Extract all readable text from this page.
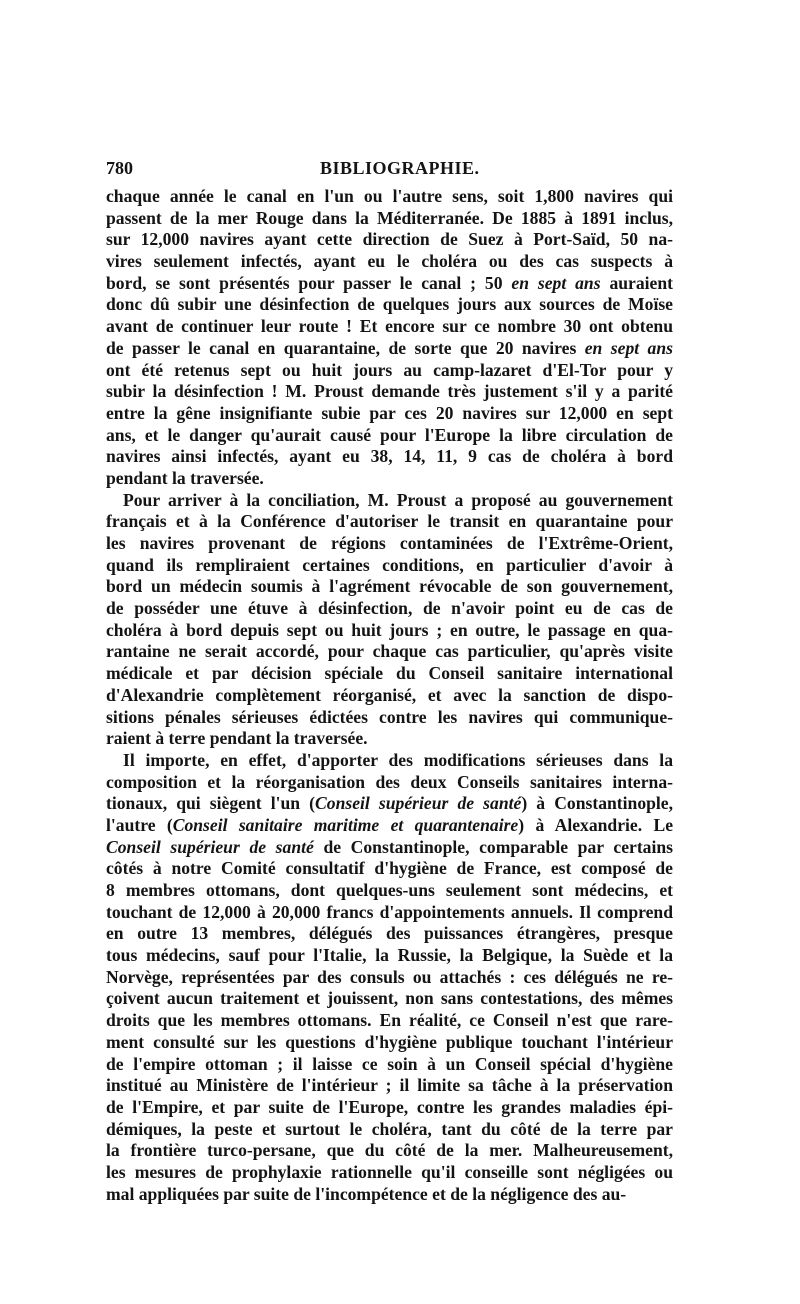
780	BIBLIOGRAPHIE.
chaque année le canal en l'un ou l'autre sens, soit 1,800 navires qui
passent de la mer Rouge dans la Méditerranée. De 1885 à 1891 inclus,
sur 12,000 navires ayant cette direction de Suez à Port-Saïd, 50 na-
vires seulement infectés, ayant eu le choléra ou des cas suspects à
bord, se sont présentés pour passer le canal ; 50 en sept ans auraient
donc dû subir une désinfection de quelques jours aux sources de Moïse
avant de continuer leur route ! Et encore sur ce nombre 30 ont obtenu
de passer le canal en quarantaine, de sorte que 20 navires en sept ans
ont été retenus sept ou huit jours au camp-lazaret d'El-Tor pour y
subir la désinfection ! M. Proust demande très justement s'il y a parité
entre la gêne insignifiante subie par ces 20 navires sur 12,000 en sept
ans, et le danger qu'aurait causé pour l'Europe la libre circulation de
navires ainsi infectés, ayant eu 38, 14, 11, 9 cas de choléra à bord
pendant la traversée.
Pour arriver à la conciliation, M. Proust a proposé au gouvernement
français et à la Conférence d'autoriser le transit en quarantaine pour
les navires provenant de régions contaminées de l'Extrême-Orient,
quand ils rempliraient certaines conditions, en particulier d'avoir à
bord un médecin soumis à l'agrément révocable de son gouvernement,
de posséder une étuve à désinfection, de n'avoir point eu de cas de
choléra à bord depuis sept ou huit jours ; en outre, le passage en qua-
rantaine ne serait accordé, pour chaque cas particulier, qu'après visite
médicale et par décision spéciale du Conseil sanitaire international
d'Alexandrie complètement réorganisé, et avec la sanction de dispo-
sitions pénales sérieuses édictées contre les navires qui communique-
raient à terre pendant la traversée.
Il importe, en effet, d'apporter des modifications sérieuses dans la
composition et la réorganisation des deux Conseils sanitaires interna-
tionaux, qui siègent l'un (Conseil supérieur de santé) à Constantinople,
l'autre (Conseil sanitaire maritime et quarantenaire) à Alexandrie. Le
Conseil supérieur de santé de Constantinople, comparable par certains
côtés à notre Comité consultatif d'hygiène de France, est composé de
8 membres ottomans, dont quelques-uns seulement sont médecins, et
touchant de 12,000 à 20,000 francs d'appointements annuels. Il comprend
en outre 13 membres, délégués des puissances étrangères, presque
tous médecins, sauf pour l'Italie, la Russie, la Belgique, la Suède et la
Norvège, représentées par des consuls ou attachés : ces délégués ne re-
çoivent aucun traitement et jouissent, non sans contestations, des mêmes
droits que les membres ottomans. En réalité, ce Conseil n'est que rare-
ment consulté sur les questions d'hygiène publique touchant l'intérieur
de l'empire ottoman ; il laisse ce soin à un Conseil spécial d'hygiène
institué au Ministère de l'intérieur ; il limite sa tâche à la préservation
de l'Empire, et par suite de l'Europe, contre les grandes maladies épi-
démiques, la peste et surtout le choléra, tant du côté de la terre par
la frontière turco-persane, que du côté de la mer. Malheureusement,
les mesures de prophylaxie rationnelle qu'il conseille sont négligées ou
mal appliquées par suite de l'incompétence et de la négligence des au-
